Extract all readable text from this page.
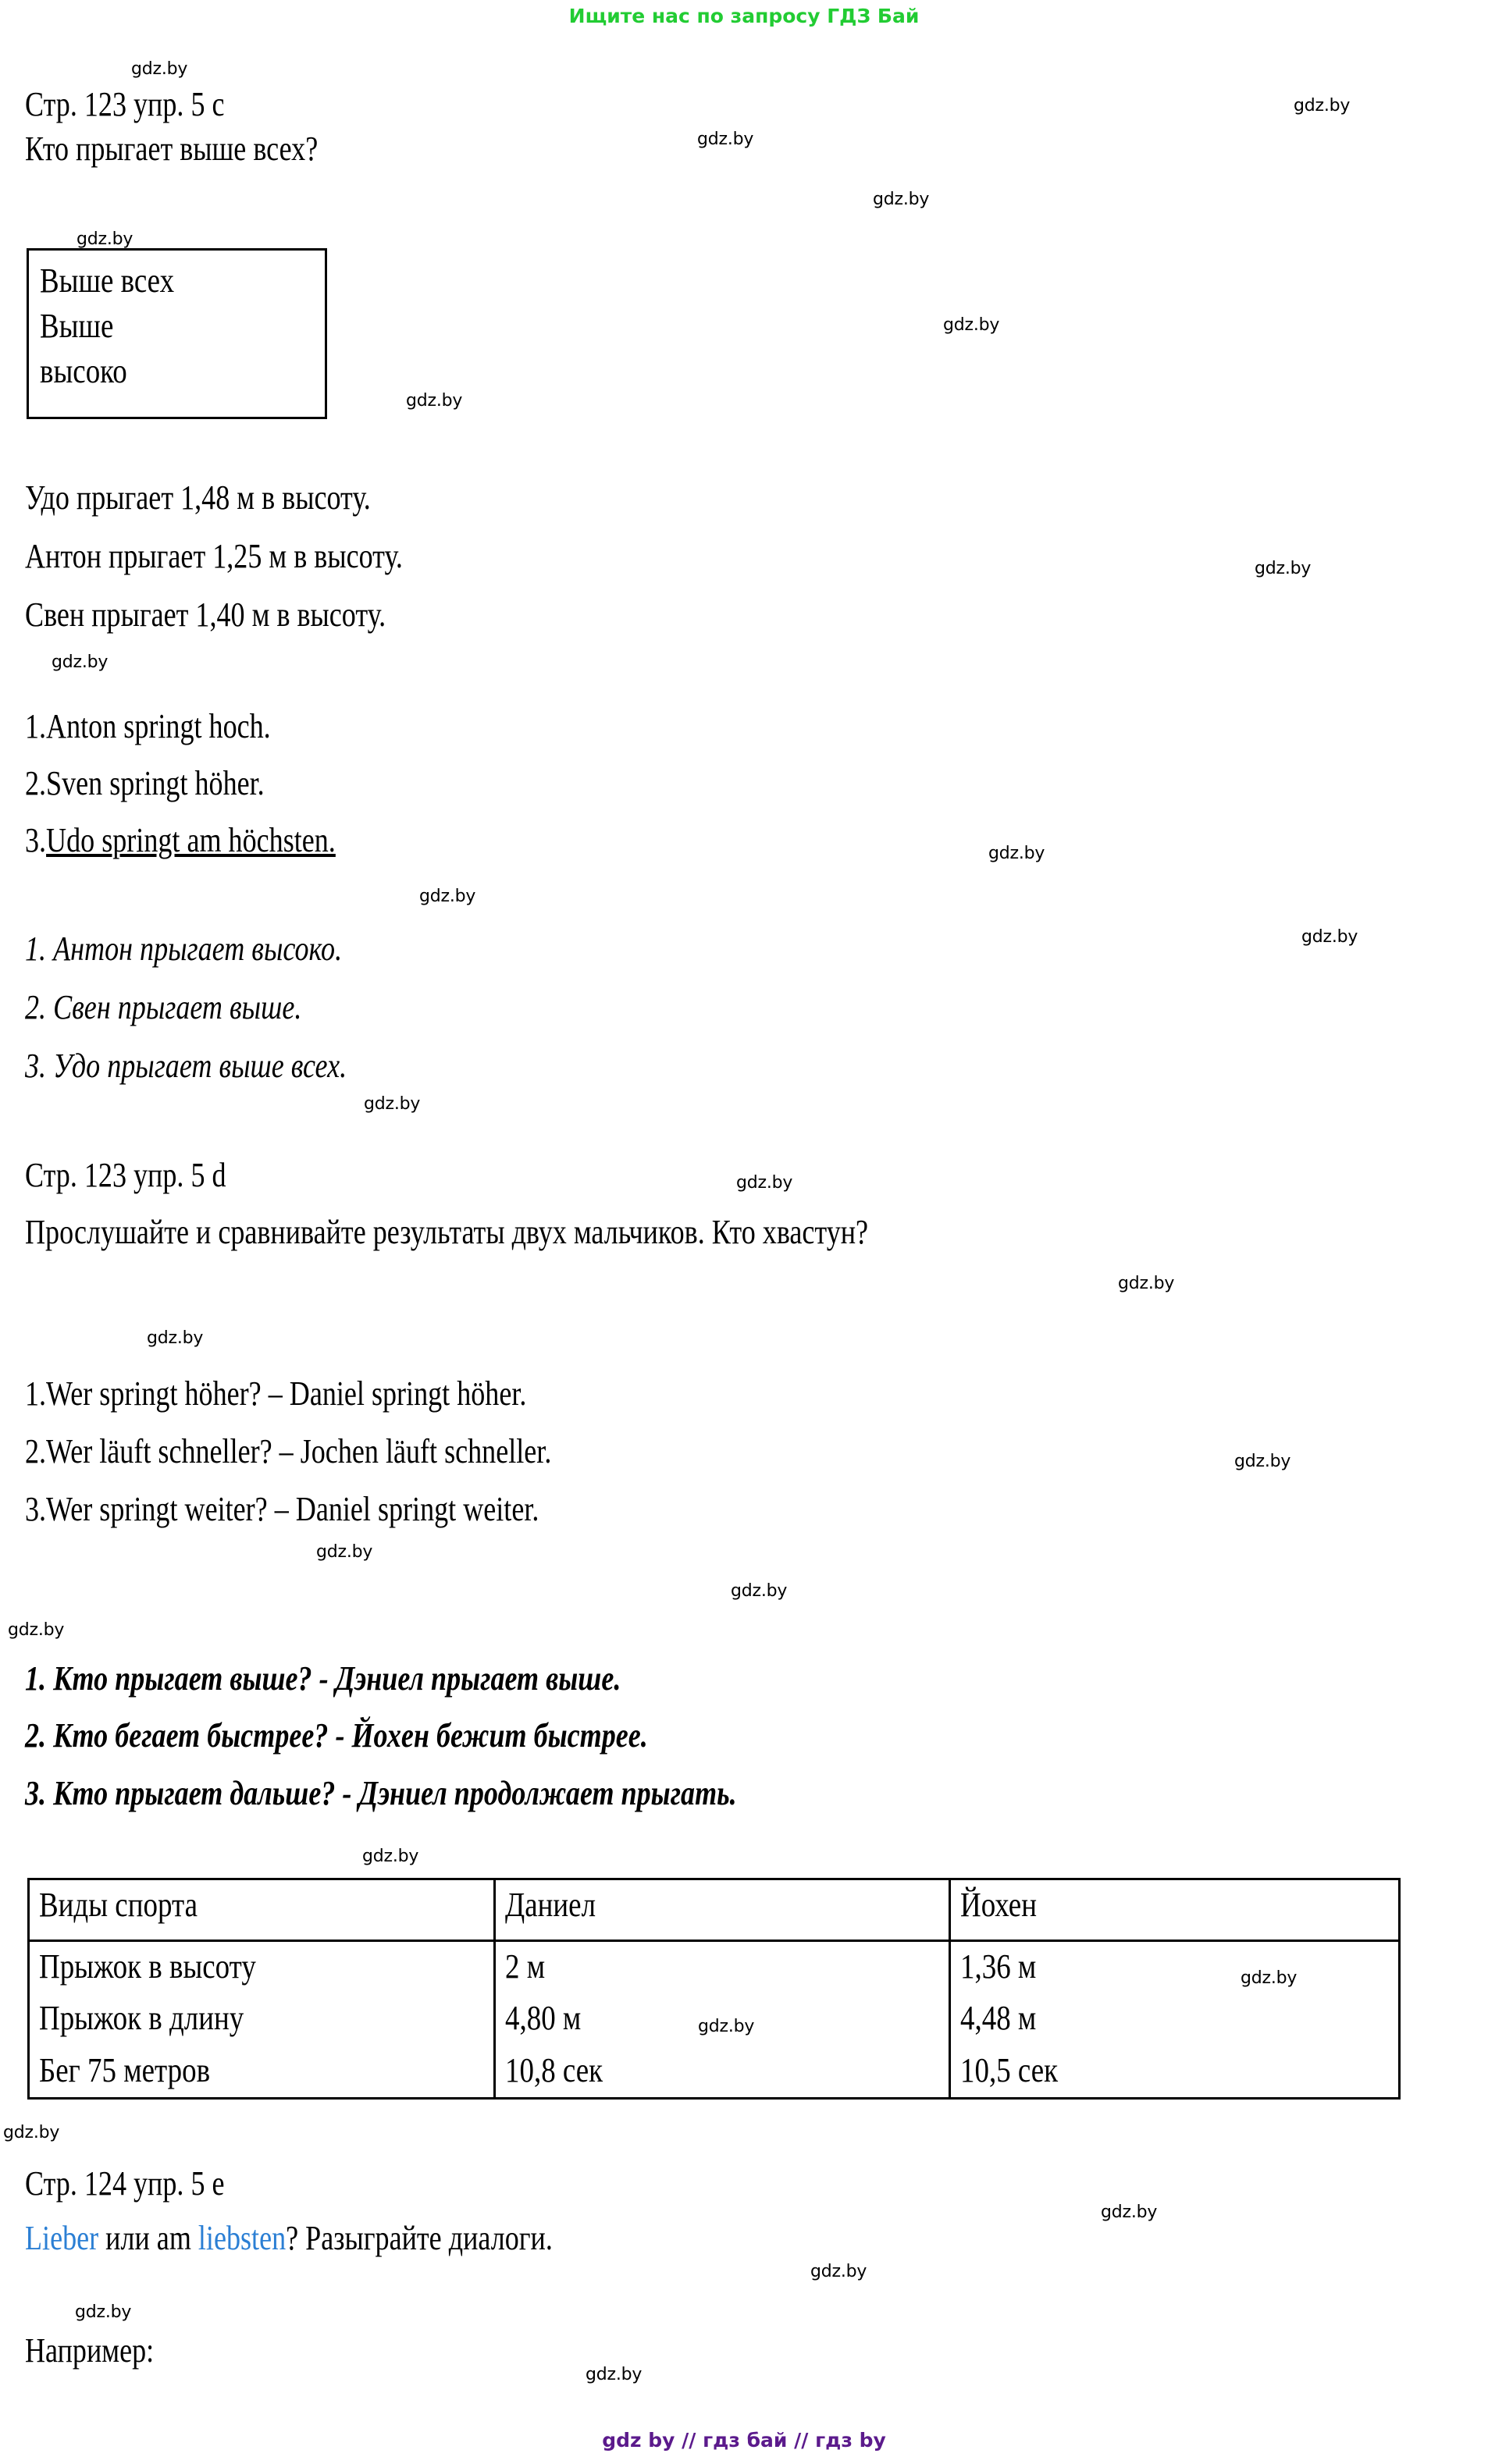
Ищите нас по запросу ГДЗ Бай
gdz.by
gdz.by
gdz.by
gdz.by
gdz.by
gdz.by
gdz.by
gdz.by
gdz.by
gdz.by
gdz.by
gdz.by
gdz.by
gdz.by
gdz.by
gdz.by
gdz.by
gdz.by
gdz.by
gdz.by
gdz.by
gdz.by
gdz.by
gdz.by
gdz.by
gdz.by
gdz.by
gdz.by
Стр. 123 упр. 5 c
Кто прыгает выше всех?
Выше всех
Выше
высоко
Удо прыгает 1,48 м в высоту.
Антон прыгает 1,25 м в высоту.
Свен прыгает 1,40 м в высоту.
1.Anton springt hoch.
2.Sven springt höher.
3.Udo springt am höchsten.
1. Антон прыгает высоко.
2. Свен прыгает выше.
3. Удо прыгает выше всех.
Стр. 123 упр. 5 d
Прослушайте и сравнивайте результаты двух мальчиков. Кто хвастун?
1.Wer springt höher? – Daniel springt höher.
2.Wer läuft schneller? – Jochen läuft schneller.
3.Wer springt weiter? – Daniel springt weiter.
1. Кто прыгает выше? - Дэниел прыгает выше.
2. Кто бегает быстрее? - Йохен бежит быстрее.
3. Кто прыгает дальше? - Дэниел продолжает прыгать.
Виды спорта	Даниел	Йохен
Прыжок в высоту	2 м	1,36 м
Прыжок в длину	4,80 м	4,48 м
Бег 75 метров	10,8 сек	10,5 сек
Стр. 124 упр. 5 e
Lieber или am liebsten? Разыграйте диалоги.
Например:
gdz by // гдз бай // гдз by
